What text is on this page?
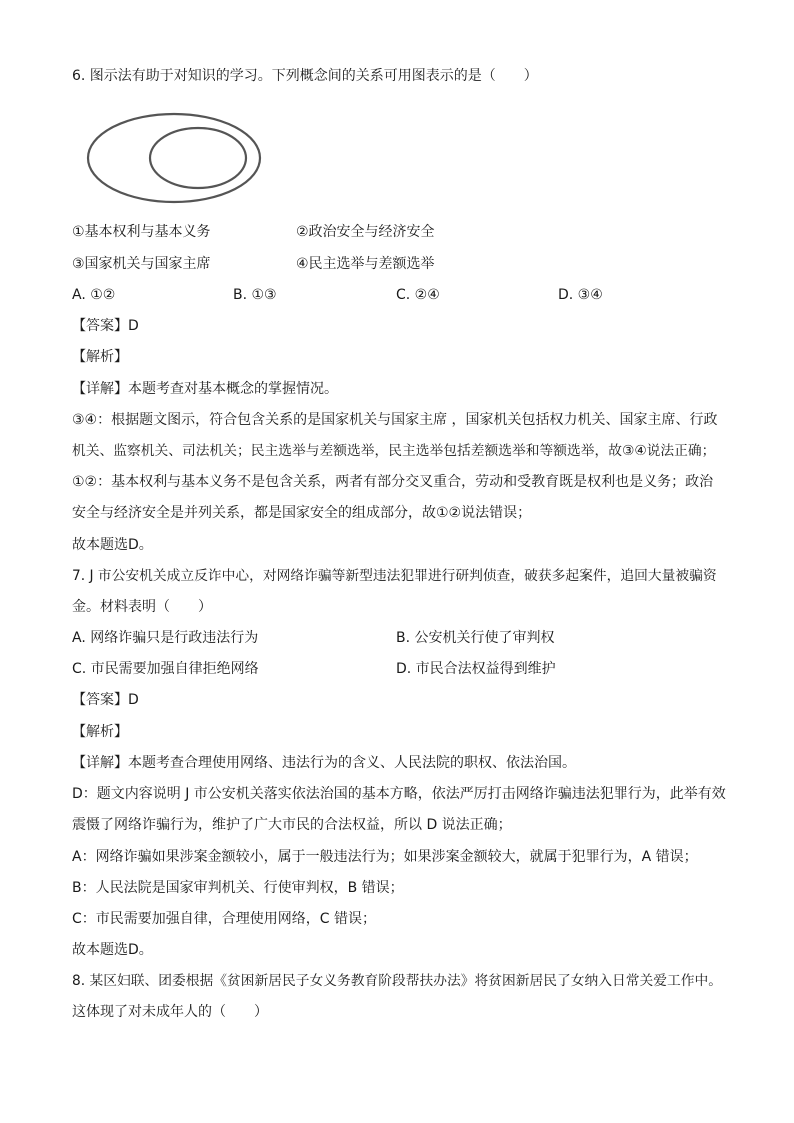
6. 图示法有助于对知识的学习。下列概念间的关系可用图表示的是（　　）
①基本权利与基本义务	②政治安全与经济安全
③国家机关与国家主席	④民主选举与差额选举
A. ①②	B. ①③	C. ②④	D. ③④
【答案】D
【解析】
【详解】本题考查对基本概念的掌握情况。
③④：根据题文图示，符合包含关系的是国家机关与国家主席 ，国家机关包括权力机关、国家主席、行政
机关、监察机关、司法机关；民主选举与差额选举，民主选举包括差额选举和等额选举，故③④说法正确；
①②：基本权利与基本义务不是包含关系，两者有部分交叉重合，劳动和受教育既是权利也是义务；政治
安全与经济安全是并列关系，都是国家安全的组成部分，故①②说法错误；
故本题选D。
7. J 市公安机关成立反诈中心，对网络诈骗等新型违法犯罪进行研判侦查，破获多起案件，追回大量被骗资
金。材料表明（　　）
A. 网络诈骗只是行政违法行为	B. 公安机关行使了审判权
C. 市民需要加强自律拒绝网络	D. 市民合法权益得到维护
【答案】D
【解析】
【详解】本题考查合理使用网络、违法行为的含义、人民法院的职权、依法治国。
D：题文内容说明 J 市公安机关落实依法治国的基本方略，依法严厉打击网络诈骗违法犯罪行为，此举有效
震慑了网络诈骗行为，维护了广大市民的合法权益，所以 D 说法正确；
A：网络诈骗如果涉案金额较小，属于一般违法行为；如果涉案金额较大，就属于犯罪行为，A 错误；
B：人民法院是国家审判机关、行使审判权，B 错误；
C：市民需要加强自律，合理使用网络，C 错误；
故本题选D。
8. 某区妇联、团委根据《贫困新居民子女义务教育阶段帮扶办法》将贫困新居民了女纳入日常关爱工作中。
这体现了对未成年人的（　　）
